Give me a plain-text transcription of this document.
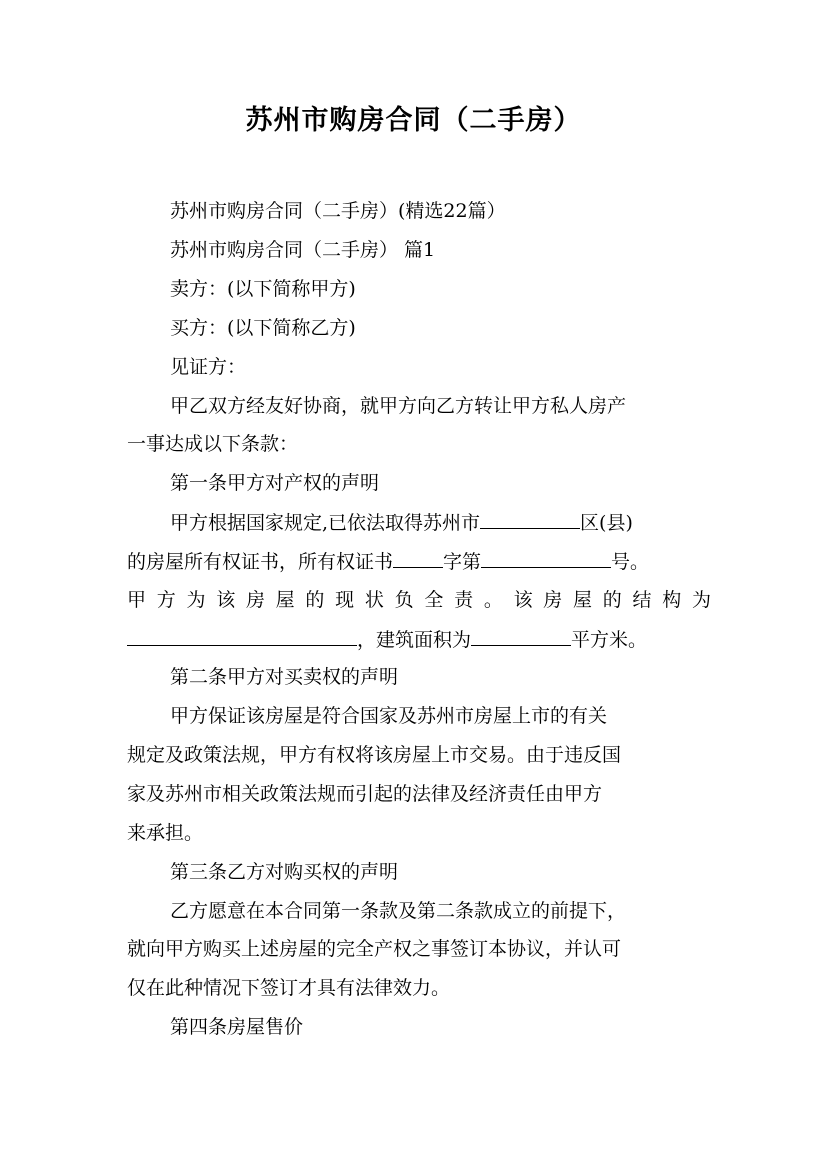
苏州市购房合同（二手房）
苏州市购房合同（二手房）(精选22篇）
苏州市购房合同（二手房） 篇1
卖方：(以下简称甲方)
买方：(以下简称乙方)
见证方：
甲乙双方经友好协商，就甲方向乙方转让甲方私人房产
一事达成以下条款：
第一条甲方对产权的声明
甲方根据国家规定,已依法取得苏州市	区(县)
的房屋所有权证书，所有权证书	字第	号。
甲方为该房屋的现状负全责。该房屋的结构为
，建筑面积为	平方米。
第二条甲方对买卖权的声明
甲方保证该房屋是符合国家及苏州市房屋上市的有关
规定及政策法规，甲方有权将该房屋上市交易。由于违反国
家及苏州市相关政策法规而引起的法律及经济责任由甲方
来承担。
第三条乙方对购买权的声明
乙方愿意在本合同第一条款及第二条款成立的前提下，
就向甲方购买上述房屋的完全产权之事签订本协议，并认可
仅在此种情况下签订才具有法律效力。
第四条房屋售价
